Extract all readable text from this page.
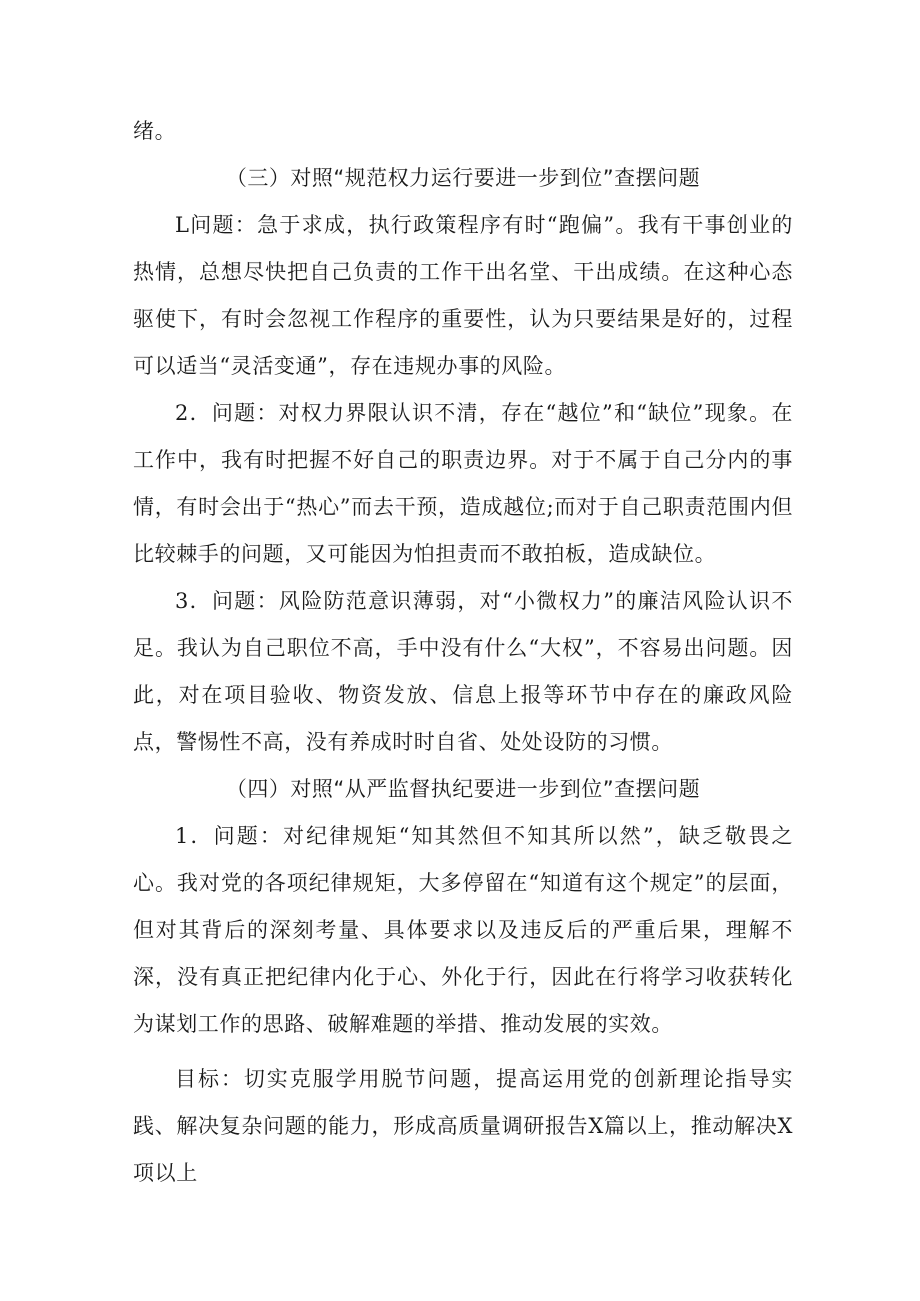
绪。

（三）对照“规范权力运行要进一步到位”查摆问题

L问题：急于求成，执行政策程序有时“跑偏”。我有干事创业的热情，总想尽快把自己负责的工作干出名堂、干出成绩。在这种心态驱使下，有时会忽视工作程序的重要性，认为只要结果是好的，过程可以适当“灵活变通”，存在违规办事的风险。

2．问题：对权力界限认识不清，存在“越位”和“缺位”现象。在工作中，我有时把握不好自己的职责边界。对于不属于自己分内的事情，有时会出于“热心”而去干预，造成越位;而对于自己职责范围内但比较棘手的问题，又可能因为怕担责而不敢拍板，造成缺位。

3．问题：风险防范意识薄弱，对“小微权力”的廉洁风险认识不足。我认为自己职位不高，手中没有什么“大权”，不容易出问题。因此，对在项目验收、物资发放、信息上报等环节中存在的廉政风险点，警惕性不高，没有养成时时自省、处处设防的习惯。

（四）对照“从严监督执纪要进一步到位”查摆问题

1．问题：对纪律规矩“知其然但不知其所以然”，缺乏敬畏之心。我对党的各项纪律规矩，大多停留在“知道有这个规定”的层面，但对其背后的深刻考量、具体要求以及违反后的严重后果，理解不深，没有真正把纪律内化于心、外化于行，因此在行将学习收获转化为谋划工作的思路、破解难题的举措、推动发展的实效。

目标：切实克服学用脱节问题，提高运用党的创新理论指导实践、解决复杂问题的能力，形成高质量调研报告X篇以上，推动解决X项以上
